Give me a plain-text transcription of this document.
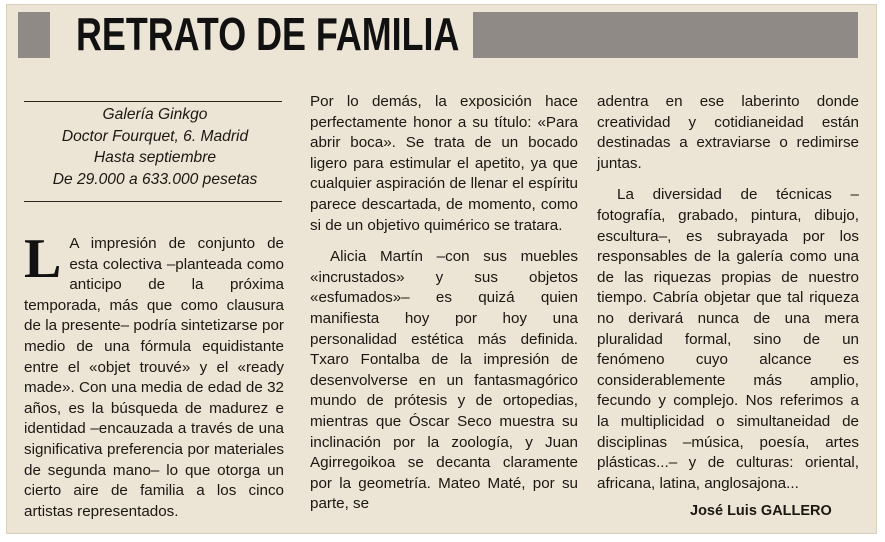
RETRATO DE FAMILIA
Galería Ginkgo
Doctor Fourquet, 6. Madrid
Hasta septiembre
De 29.000 a 633.000 pesetas

L A impresión de conjunto de esta colectiva –planteada como anticipo de la próxima temporada, más que como clausura de la presente– podría sintetizarse por medio de una fórmula equidistante entre el «objet trouvé» y el «ready made». Con una media de edad de 32 años, es la búsqueda de madurez e identidad –encauzada a través de una significativa preferencia por materiales de segunda mano– lo que otorga un cierto aire de familia a los cinco artistas representados.

Por lo demás, la exposición hace perfectamente honor a su título: «Para abrir boca». Se trata de un bocado ligero para estimular el apetito, ya que cualquier aspiración de llenar el espíritu parece descartada, de momento, como si de un objetivo quimérico se tratara.

Alicia Martín –con sus muebles «incrustados» y sus objetos «esfumados»– es quizá quien manifiesta hoy por hoy una personalidad estética más definida. Txaro Fontalba de la impresión de desenvolverse en un fantasmagórico mundo de prótesis y de ortopedias, mientras que Óscar Seco muestra su inclinación por la zoología, y Juan Agirregoikoa se decanta claramente por la geometría. Mateo Maté, por su parte, se

adentra en ese laberinto donde creatividad y cotidianeidad están destinadas a extraviarse o redimirse juntas.

La diversidad de técnicas –fotografía, grabado, pintura, dibujo, escultura–, es subrayada por los responsables de la galería como una de las riquezas propias de nuestro tiempo. Cabría objetar que tal riqueza no derivará nunca de una mera pluralidad formal, sino de un fenómeno cuyo alcance es considerablemente más amplio, fecundo y complejo. Nos referimos a la multiplicidad o simultaneidad de disciplinas –música, poesía, artes plásticas...– y de culturas: oriental, africana, latina, anglosajona...

José Luis GALLERO
